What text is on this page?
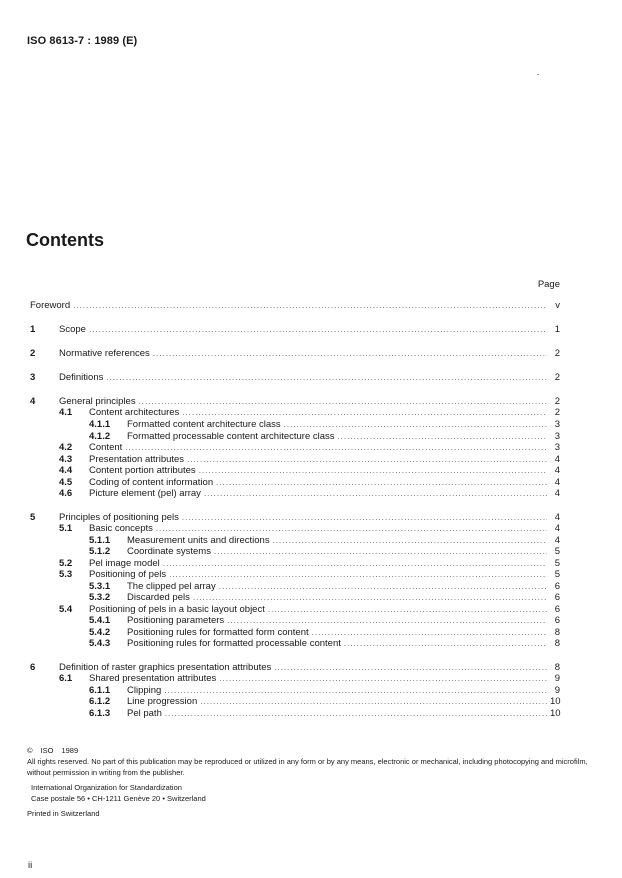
ISO 8613-7 : 1989 (E)
Contents
Page
Foreword .....	v
1	Scope .....	1
2	Normative references .....	2
3	Definitions .....	2
4	General principles .....	2
4.1	Content architectures .....	2
4.1.1	Formatted content architecture class .....	3
4.1.2	Formatted processable content architecture class .....	3
4.2	Content .....	3
4.3	Presentation attributes .....	4
4.4	Content portion attributes .....	4
4.5	Coding of content information .....	4
4.6	Picture element (pel) array .....	4
5	Principles of positioning pels .....	4
5.1	Basic concepts .....	4
5.1.1	Measurement units and directions .....	4
5.1.2	Coordinate systems .....	5
5.2	Pel image model .....	5
5.3	Positioning of pels .....	5
5.3.1	The clipped pel array .....	6
5.3.2	Discarded pels .....	6
5.4	Positioning of pels in a basic layout object .....	6
5.4.1	Positioning parameters .....	6
5.4.2	Positioning rules for formatted form content .....	8
5.4.3	Positioning rules for formatted processable content .....	8
6	Definition of raster graphics presentation attributes .....	8
6.1	Shared presentation attributes .....	9
6.1.1	Clipping .....	9
6.1.2	Line progression .....	10
6.1.3	Pel path .....	10
© ISO 1989
All rights reserved. No part of this publication may be reproduced or utilized in any form or by any means, electronic or mechanical, including photocopying and microfilm, without permission in writing from the publisher.
International Organization for Standardization
Case postale 56 • CH-1211 Genève 20 • Switzerland
Printed in Switzerland
ii
